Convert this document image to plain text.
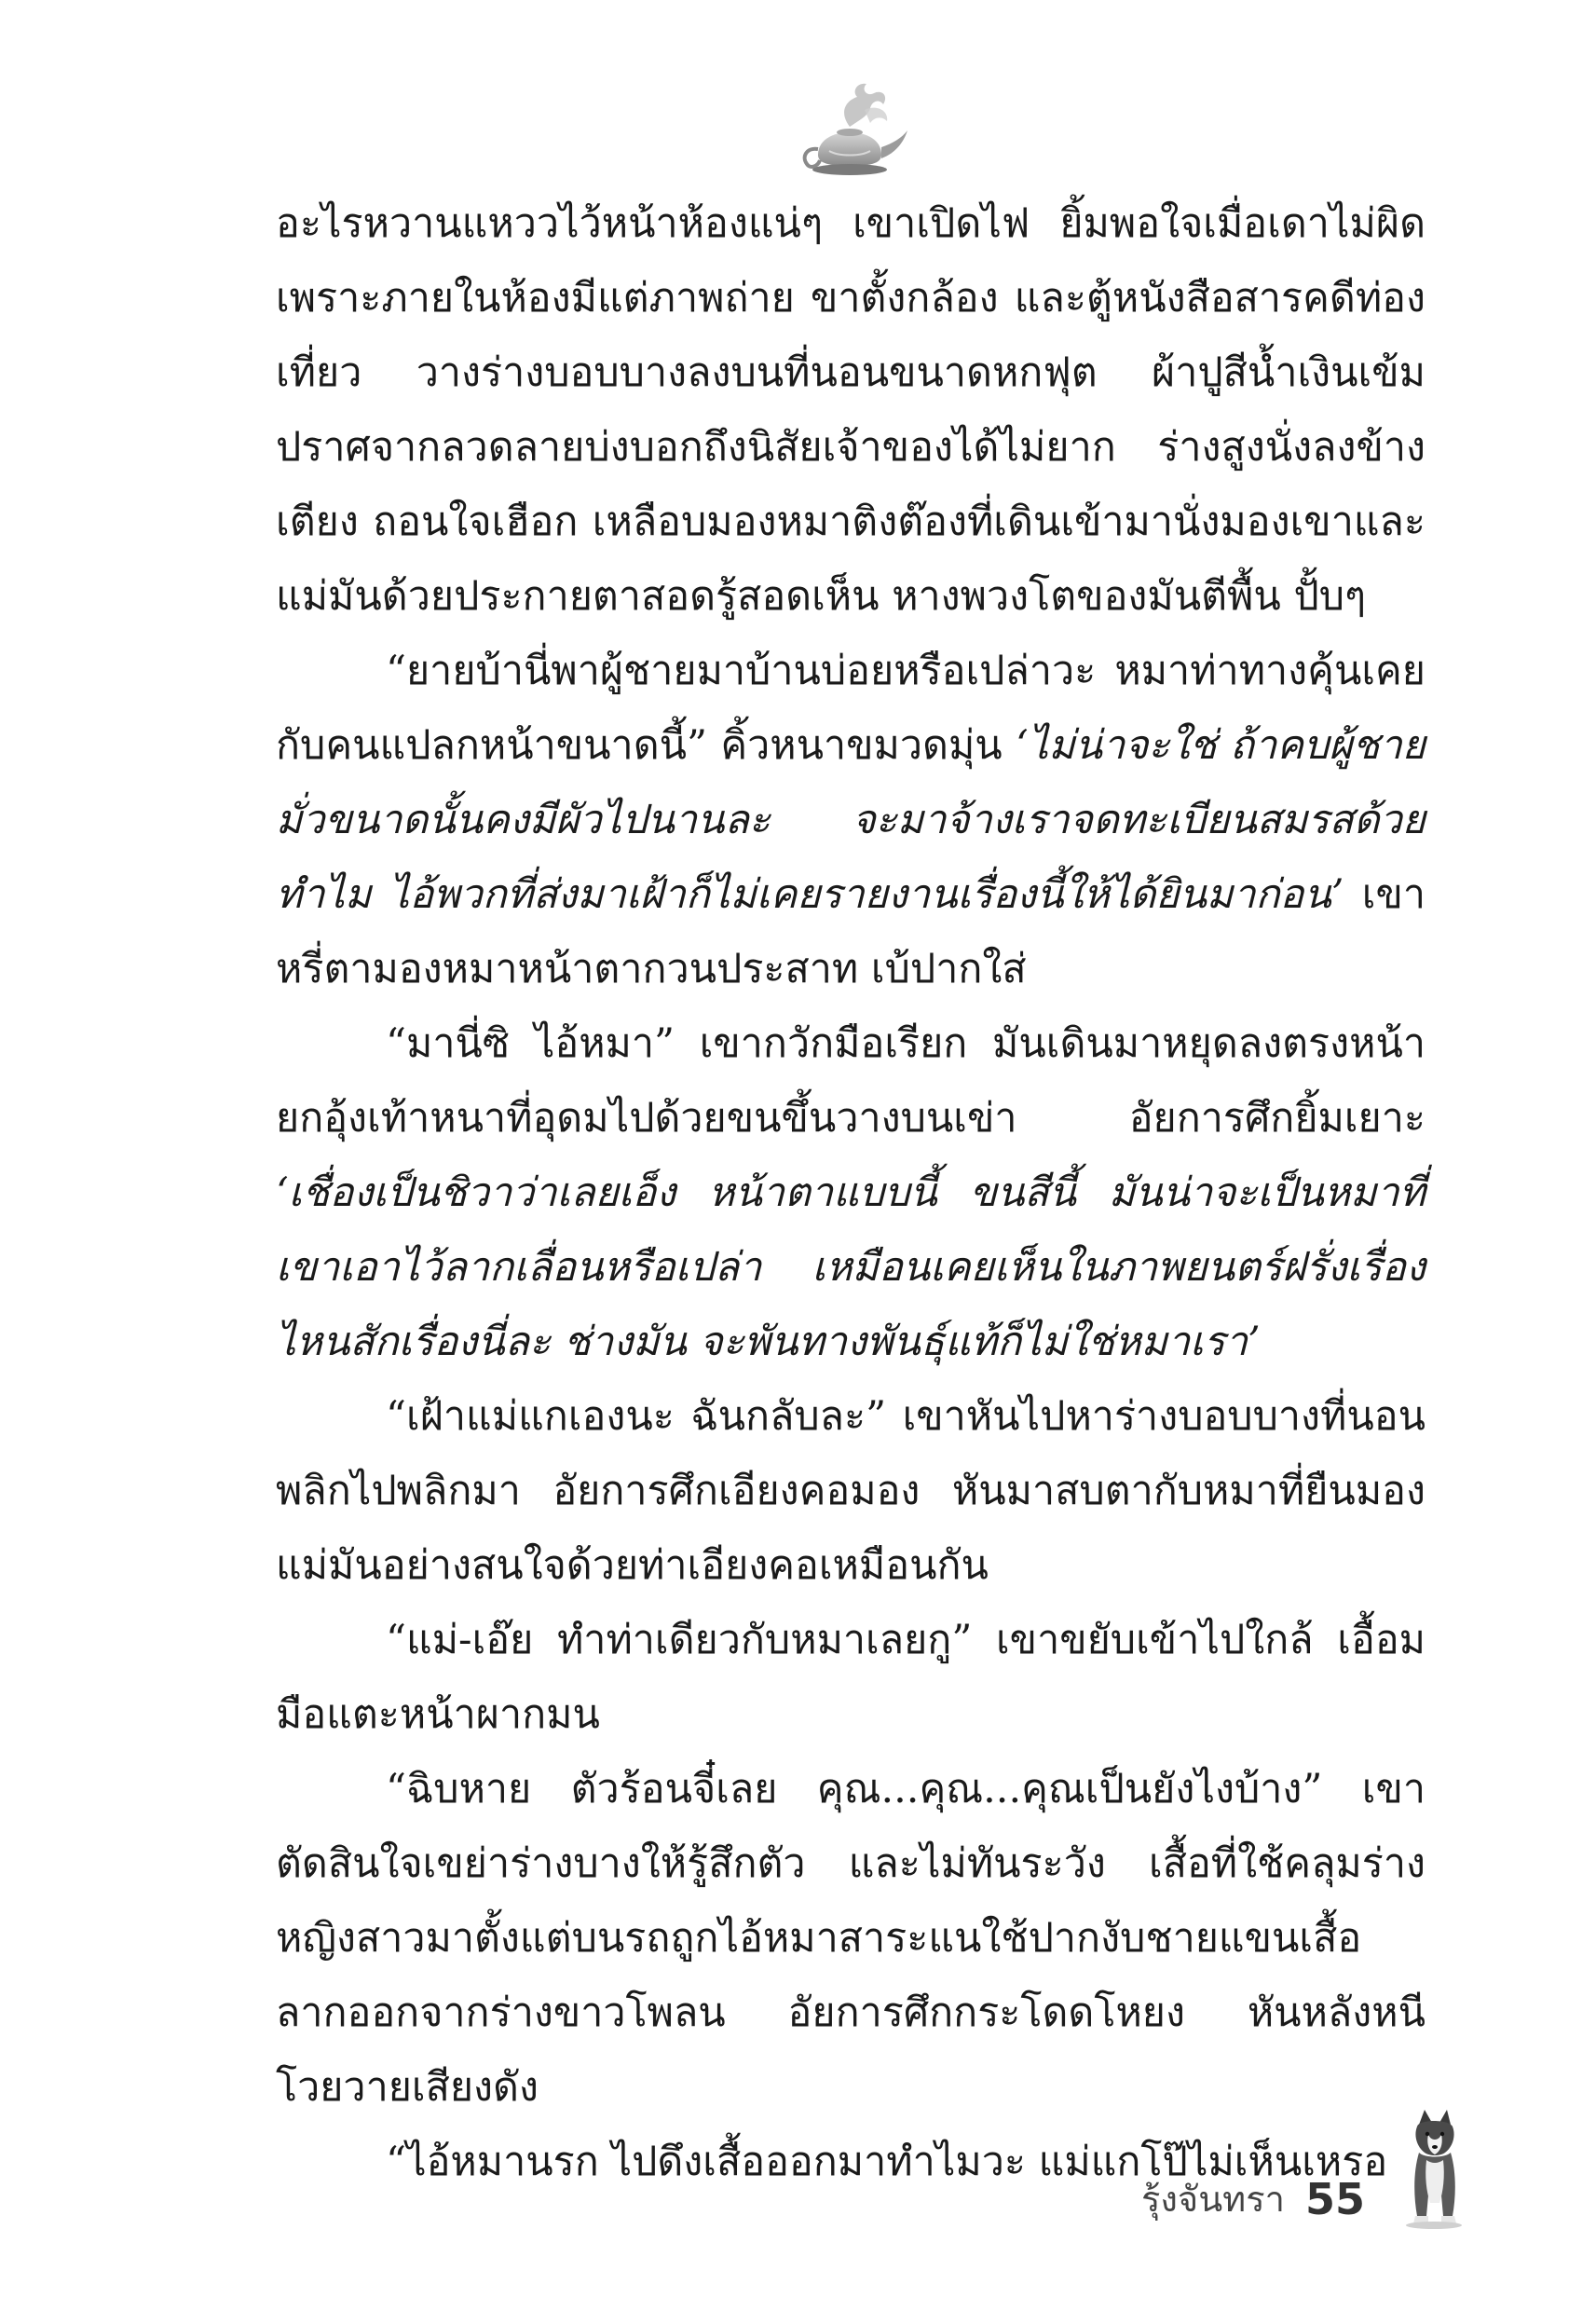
อะไรหวานแหววไว้หน้าห้องแน่ๆ เขาเปิดไฟ ยิ้มพอใจเมื่อเดาไม่ผิด เพราะภายในห้องมีแต่ภาพถ่าย ขาตั้งกล้อง และตู้หนังสือสารคดีท่องเที่ยว วางร่างบอบบางลงบนที่นอนขนาดหกฟุต ผ้าปูสีน้ำเงินเข้มปราศจากลวดลายบ่งบอกถึงนิสัยเจ้าของได้ไม่ยาก ร่างสูงนั่งลงข้างเตียง ถอนใจเฮือก เหลือบมองหมาติงต๊องที่เดินเข้ามานั่งมองเขาและแม่มันด้วยประกายตาสอดรู้สอดเห็น หางพวงโตของมันตีพื้น ปั้บๆ

“ยายบ้านี่พาผู้ชายมาบ้านบ่อยหรือเปล่าวะ หมาท่าทางคุ้นเคยกับคนแปลกหน้าขนาดนี้” คิ้วหนาขมวดมุ่น ‘ไม่น่าจะใช่ ถ้าคบผู้ชายมั่วขนาดนั้นคงมีผัวไปนานละ จะมาจ้างเราจดทะเบียนสมรสด้วยทำไม ไอ้พวกที่ส่งมาเฝ้าก็ไม่เคยรายงานเรื่องนี้ให้ได้ยินมาก่อน’ เขาหรี่ตามองหมาหน้าตากวนประสาท เบ้ปากใส่

“มานี่ซิ ไอ้หมา” เขากวักมือเรียก มันเดินมาหยุดลงตรงหน้า ยกอุ้งเท้าหนาที่อุดมไปด้วยขนขึ้นวางบนเข่า อัยการศึกยิ้มเยาะ ‘เชื่องเป็นชิวาว่าเลยเอ็ง หน้าตาแบบนี้ ขนสีนี้ มันน่าจะเป็นหมาที่เขาเอาไว้ลากเลื่อนหรือเปล่า เหมือนเคยเห็นในภาพยนตร์ฝรั่งเรื่องไหนสักเรื่องนี่ละ ช่างมัน จะพันทางพันธุ์แท้ก็ไม่ใช่หมาเรา’

“เฝ้าแม่แกเองนะ ฉันกลับละ” เขาหันไปหาร่างบอบบางที่นอนพลิกไปพลิกมา อัยการศึกเอียงคอมอง หันมาสบตากับหมาที่ยืนมองแม่มันอย่างสนใจด้วยท่าเอียงคอเหมือนกัน

“แม่-เอ๊ย ทำท่าเดียวกับหมาเลยกู” เขาขยับเข้าไปใกล้ เอื้อมมือแตะหน้าผากมน

“ฉิบหาย ตัวร้อนจี๋เลย คุณ...คุณ...คุณเป็นยังไงบ้าง” เขาตัดสินใจเขย่าร่างบางให้รู้สึกตัว และไม่ทันระวัง เสื้อที่ใช้คลุมร่างหญิงสาวมาตั้งแต่บนรถถูกไอ้หมาสาระแนใช้ปากงับชายแขนเสื้อลากออกจากร่างขาวโพลน อัยการศึกกระโดดโหยง หันหลังหนี โวยวายเสียงดัง

“ไอ้หมานรก ไปดึงเสื้อออกมาทำไมวะ แม่แกโป๊ไม่เห็นเหรอ

รุ้งจันทรา 55
